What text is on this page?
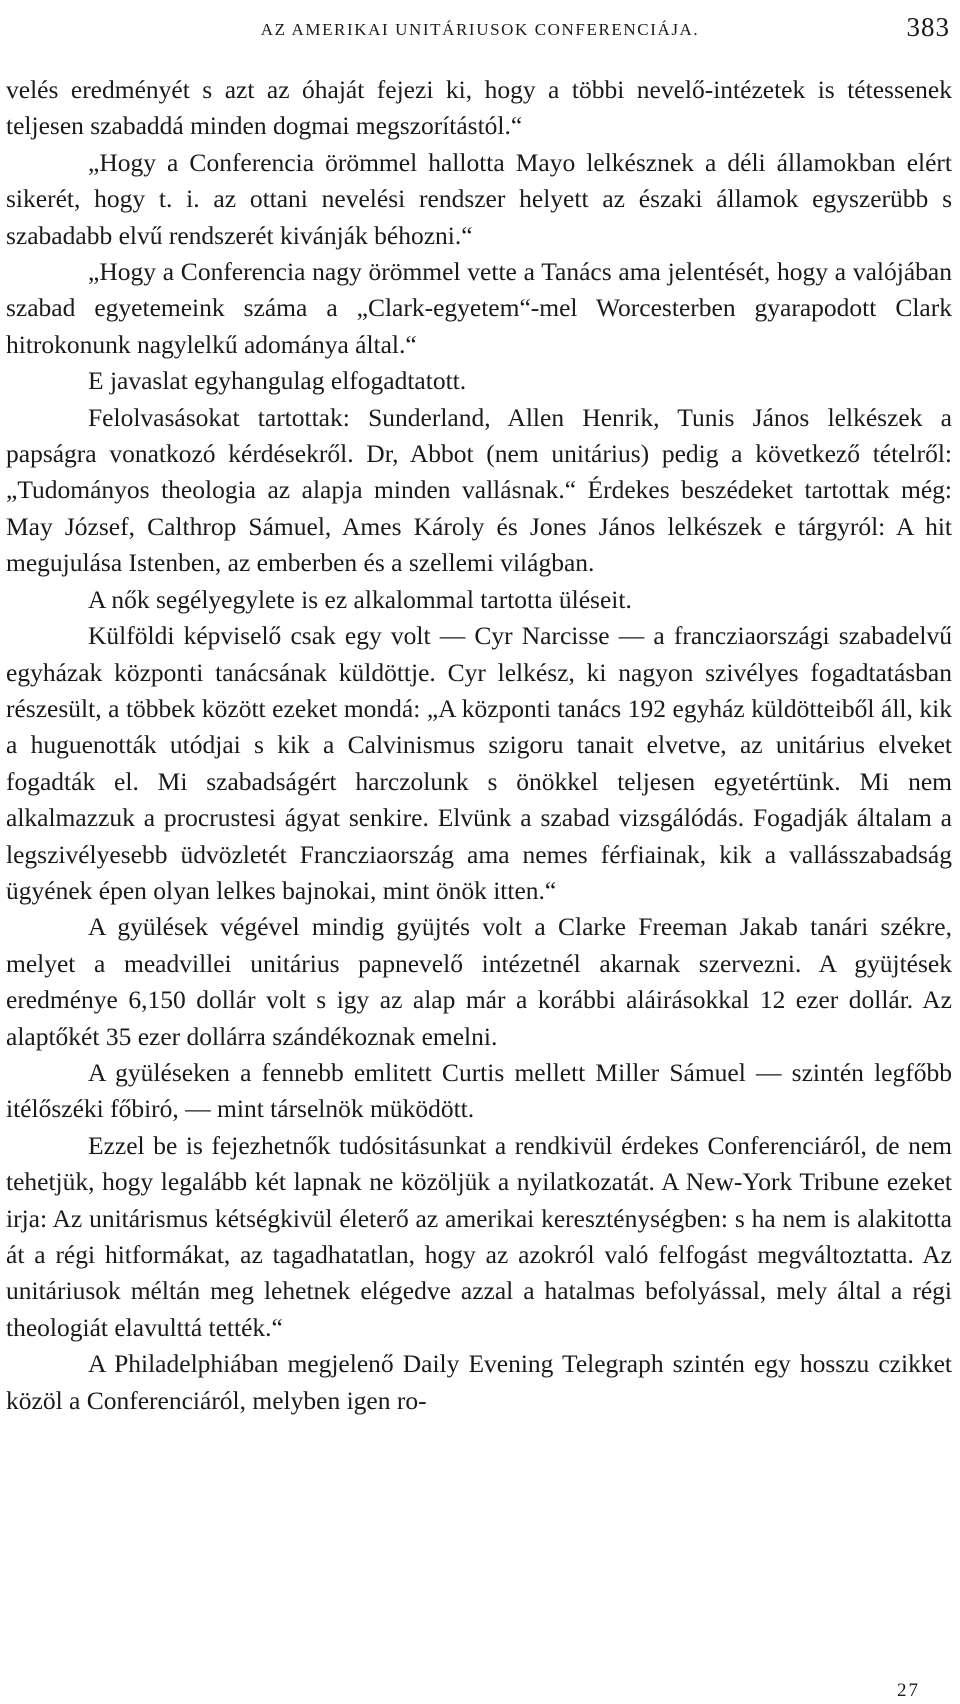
AZ AMERIKAI UNITÁRIUSOK CONFERENCIÁJA.	383

velés eredményét s azt az óhaját fejezi ki, hogy a többi nevelő-intézetek is tétessenek teljesen szabaddá minden dogmai megszorítástól.“

„Hogy a Conferencia örömmel hallotta Mayo lelkésznek a déli államokban elért sikerét, hogy t. i. az ottani nevelési rendszer helyett az északi államok egyszerübb s szabadabb elvű rendszerét kivánják béhozni.“

„Hogy a Conferencia nagy örömmel vette a Tanács ama jelentését, hogy a valójában szabad egyetemeink száma a „Clark-egyetem“-mel Worcesterben gyarapodott Clark hitrokonunk nagylelkű adománya által.“

E javaslat egyhangulag elfogadtatott.

Felolvasásokat tartottak: Sunderland, Allen Henrik, Tunis János lelkészek a papságra vonatkozó kérdésekről. Dr, Abbot (nem unitárius) pedig a következő tételről: „Tudományos theologia az alapja minden vallásnak.“ Érdekes beszédeket tartottak még: May József, Calthrop Sámuel, Ames Károly és Jones János lelkészek e tárgyról: A hit megujulása Istenben, az emberben és a szellemi világban.

A nők segélyegylete is ez alkalommal tartotta üléseit.

Külföldi képviselő csak egy volt — Cyr Narcisse — a francziaországi szabadelvű egyházak központi tanácsának küldöttje. Cyr lelkész, ki nagyon szivélyes fogadtatásban részesült, a többek között ezeket mondá: „A központi tanács 192 egyház küldötteiből áll, kik a huguenották utódjai s kik a Calvinismus szigoru tanait elvetve, az unitárius elveket fogadták el. Mi szabadságért harczolunk s önökkel teljesen egyetértünk. Mi nem alkalmazzuk a procrustesi ágyat senkire. Elvünk a szabad vizsgálódás. Fogadják általam a legszivélyesebb üdvözletét Francziaország ama nemes férfiainak, kik a vallásszabadság ügyének épen olyan lelkes bajnokai, mint önök itten.“

A gyülések végével mindig gyüjtés volt a Clarke Freeman Jakab tanári székre, melyet a meadvillei unitárius papnevelő intézetnél akarnak szervezni. A gyüjtések eredménye 6,150 dollár volt s igy az alap már a korábbi aláirásokkal 12 ezer dollár. Az alaptőkét 35 ezer dollárra szándékoznak emelni.

A gyüléseken a fennebb emlitett Curtis mellett Miller Sámuel — szintén legfőbb itélőszéki főbiró, — mint társelnök müködött.

Ezzel be is fejezhetnők tudósitásunkat a rendkivül érdekes Conferenciáról, de nem tehetjük, hogy legalább két lapnak ne közöljük a nyilatkozatát. A New-York Tribune ezeket irja: Az unitárismus kétségkivül életerő az amerikai kereszténységben: s ha nem is alakitotta át a régi hitformákat, az tagadhatatlan, hogy az azokról való felfogást megváltoztatta. Az unitáriusok méltán meg lehetnek elégedve azzal a hatalmas befolyással, mely által a régi theologiát elavulttá tették.“

A Philadelphiában megjelenő Daily Evening Telegraph szintén egy hosszu czikket közöl a Conferenciáról, melyben igen ro-

27
